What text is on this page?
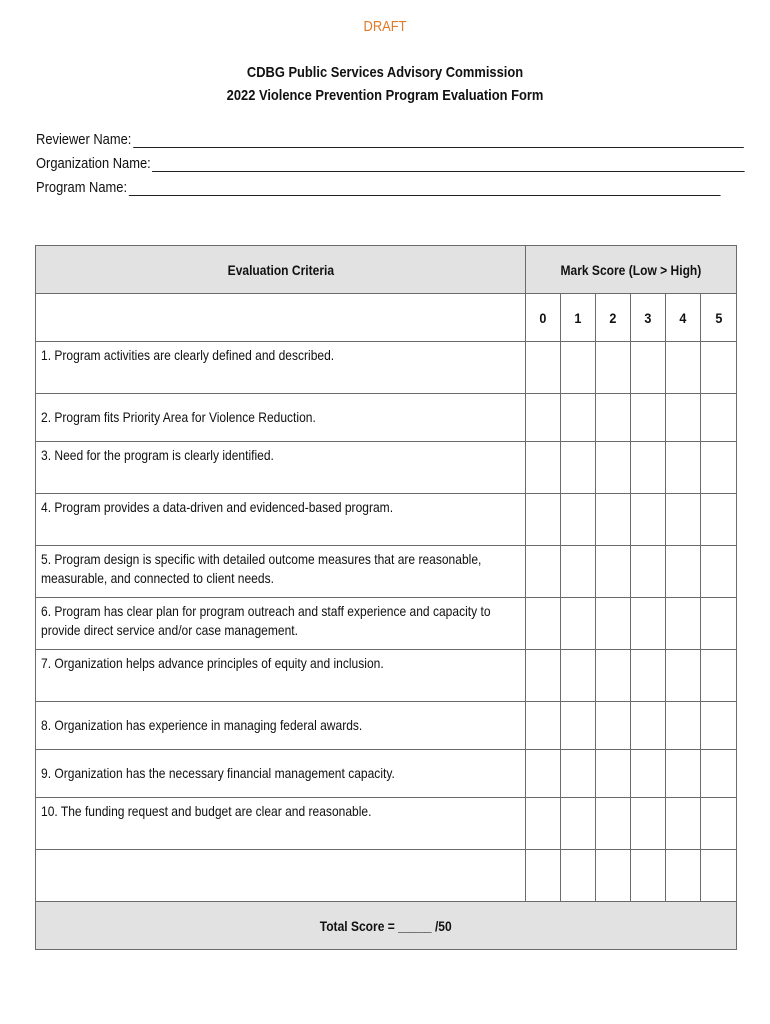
DRAFT
CDBG Public Services Advisory Commission
2022 Violence Prevention Program Evaluation Form
Reviewer Name:
Organization Name:
Program Name:
Evaluation Criteria	Mark Score (Low > High)					
	0	1	2	3	4	5
1. Program activities are clearly defined and described.						
2. Program fits Priority Area for Violence Reduction.						
3. Need for the program is clearly identified.						
4. Program provides a data-driven and evidenced-based program.						
5. Program design is specific with detailed outcome measures that are reasonable, measurable, and connected to client needs.						
6. Program has clear plan for program outreach and staff experience and capacity to provide direct service and/or case management.						
7. Organization helps advance principles of equity and inclusion.						
8. Organization has experience in managing federal awards.						
9. Organization has the necessary financial management capacity.						
10. The funding request and budget are clear and reasonable.						

Total Score = _____ /50						
